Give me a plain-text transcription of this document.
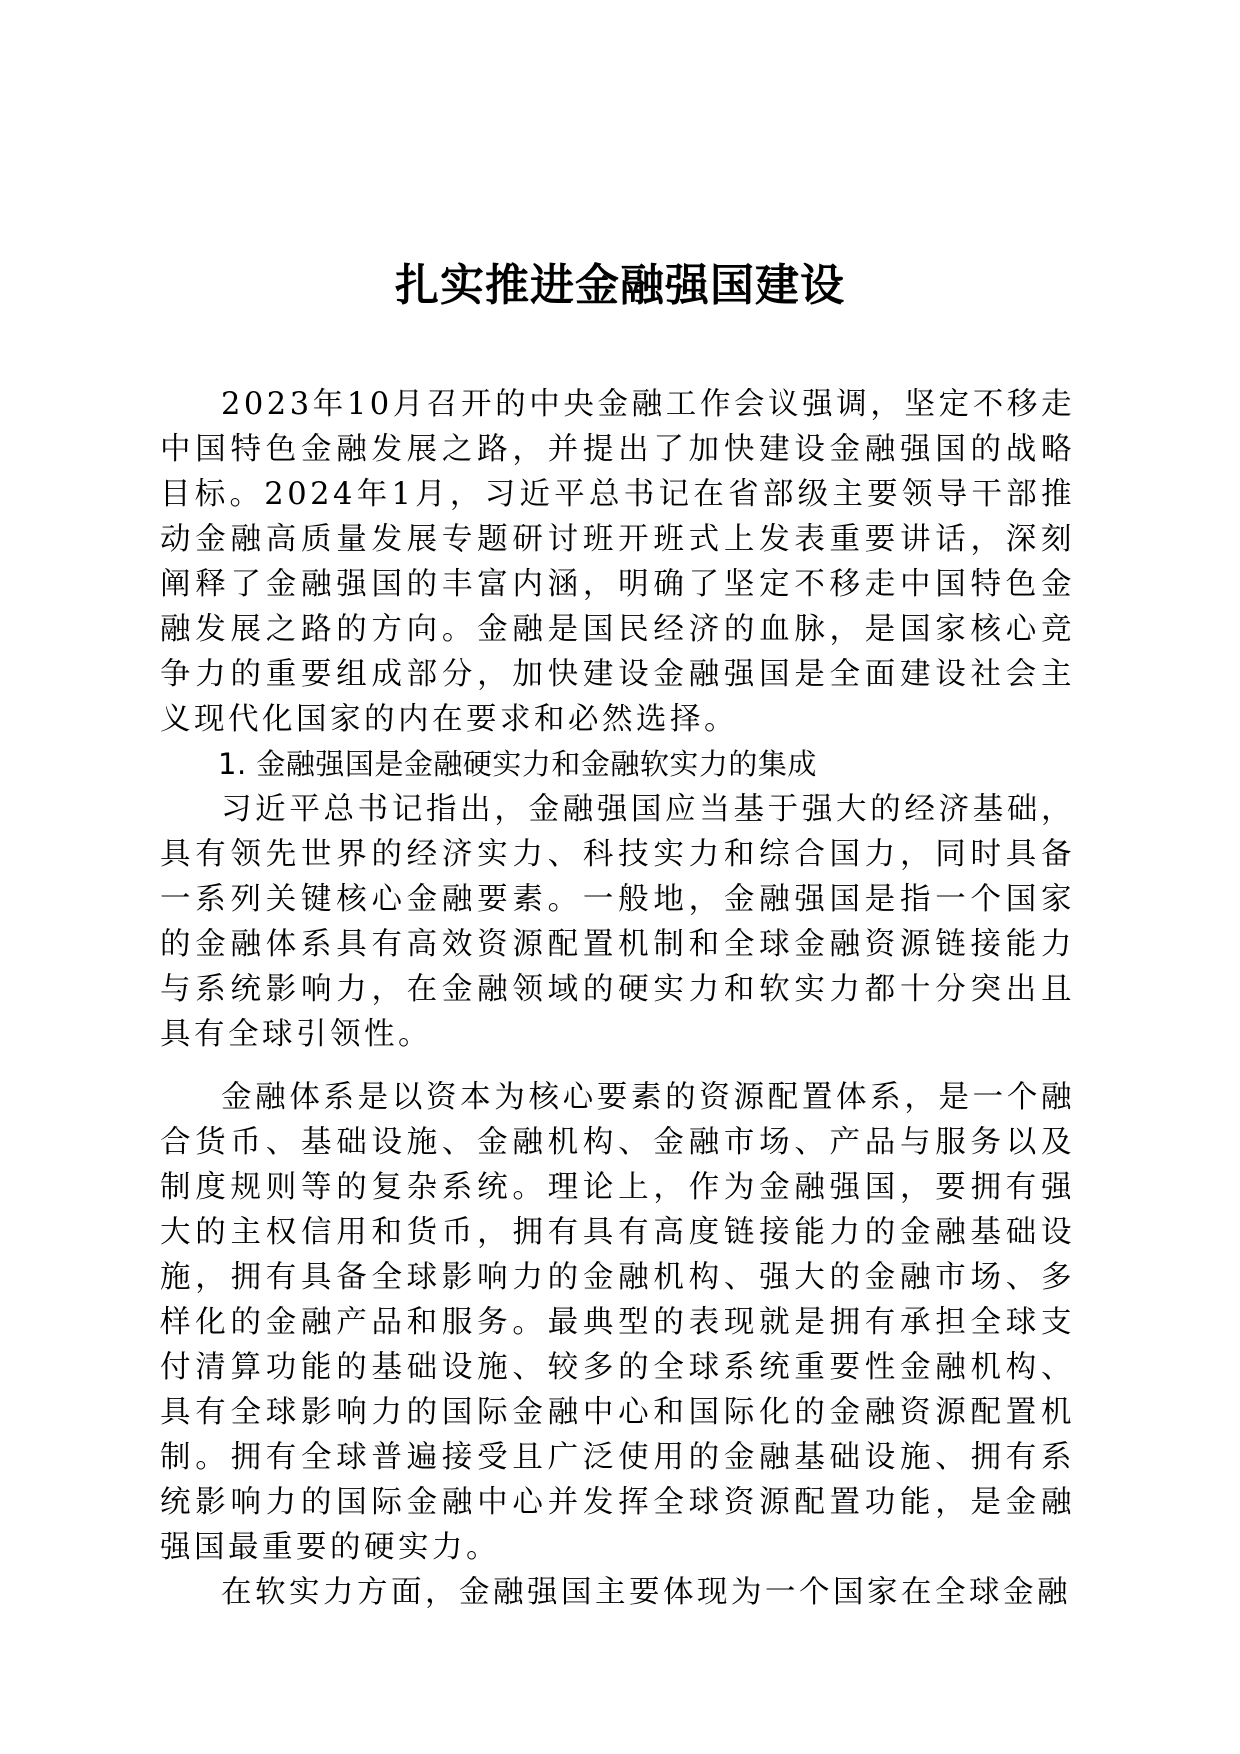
扎实推进金融强国建设

2023年10月召开的中央金融工作会议强调，坚定不移走中国特色金融发展之路，并提出了加快建设金融强国的战略目标。2024年1月，习近平总书记在省部级主要领导干部推动金融高质量发展专题研讨班开班式上发表重要讲话，深刻阐释了金融强国的丰富内涵，明确了坚定不移走中国特色金融发展之路的方向。金融是国民经济的血脉，是国家核心竞争力的重要组成部分，加快建设金融强国是全面建设社会主义现代化国家的内在要求和必然选择。

1. 金融强国是金融硬实力和金融软实力的集成

习近平总书记指出，金融强国应当基于强大的经济基础，具有领先世界的经济实力、科技实力和综合国力，同时具备一系列关键核心金融要素。一般地，金融强国是指一个国家的金融体系具有高效资源配置机制和全球金融资源链接能力与系统影响力，在金融领域的硬实力和软实力都十分突出且具有全球引领性。

金融体系是以资本为核心要素的资源配置体系，是一个融合货币、基础设施、金融机构、金融市场、产品与服务以及制度规则等的复杂系统。理论上，作为金融强国，要拥有强大的主权信用和货币，拥有具有高度链接能力的金融基础设施，拥有具备全球影响力的金融机构、强大的金融市场、多样化的金融产品和服务。最典型的表现就是拥有承担全球支付清算功能的基础设施、较多的全球系统重要性金融机构、具有全球影响力的国际金融中心和国际化的金融资源配置机制。拥有全球普遍接受且广泛使用的金融基础设施、拥有系统影响力的国际金融中心并发挥全球资源配置功能，是金融强国最重要的硬实力。

在软实力方面，金融强国主要体现为一个国家在全球金融
